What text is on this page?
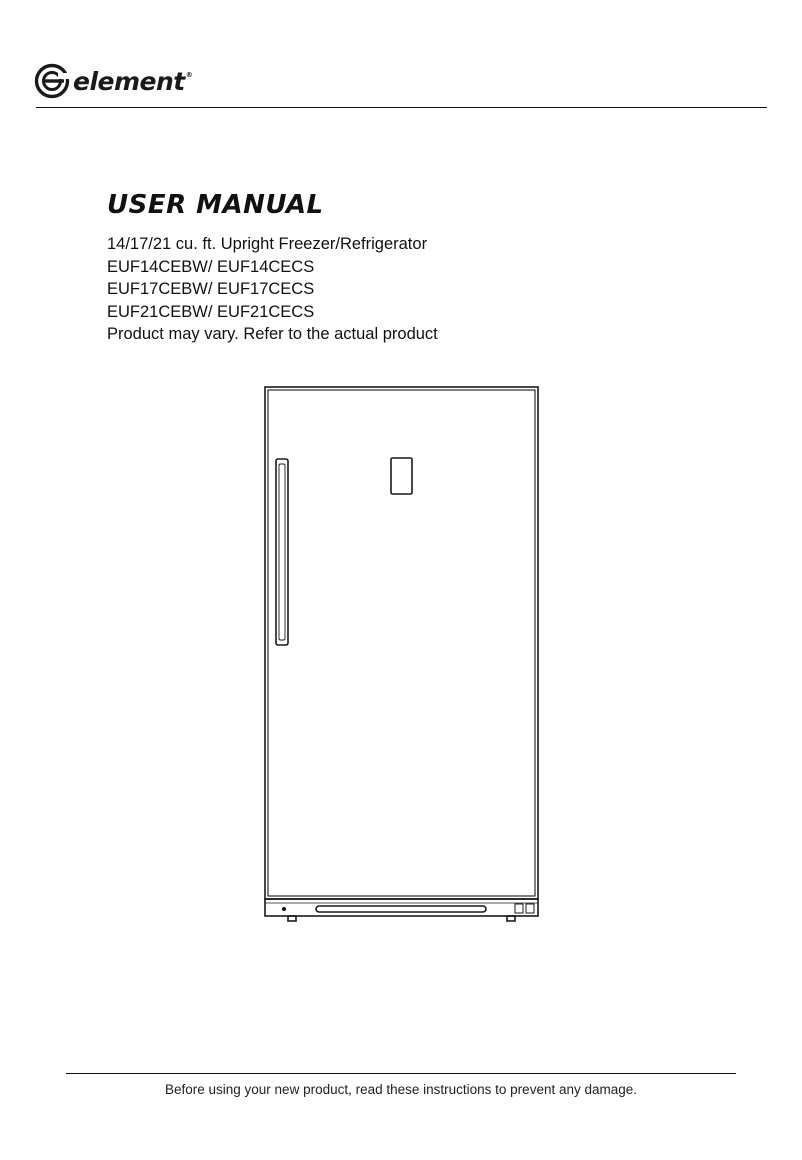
element®
USER MANUAL
14/17/21 cu. ft. Upright Freezer/Refrigerator
EUF14CEBW/ EUF14CECS
EUF17CEBW/ EUF17CECS
EUF21CEBW/ EUF21CECS
Product may vary. Refer to the actual product
Before using your new product, read these instructions to prevent any damage.
